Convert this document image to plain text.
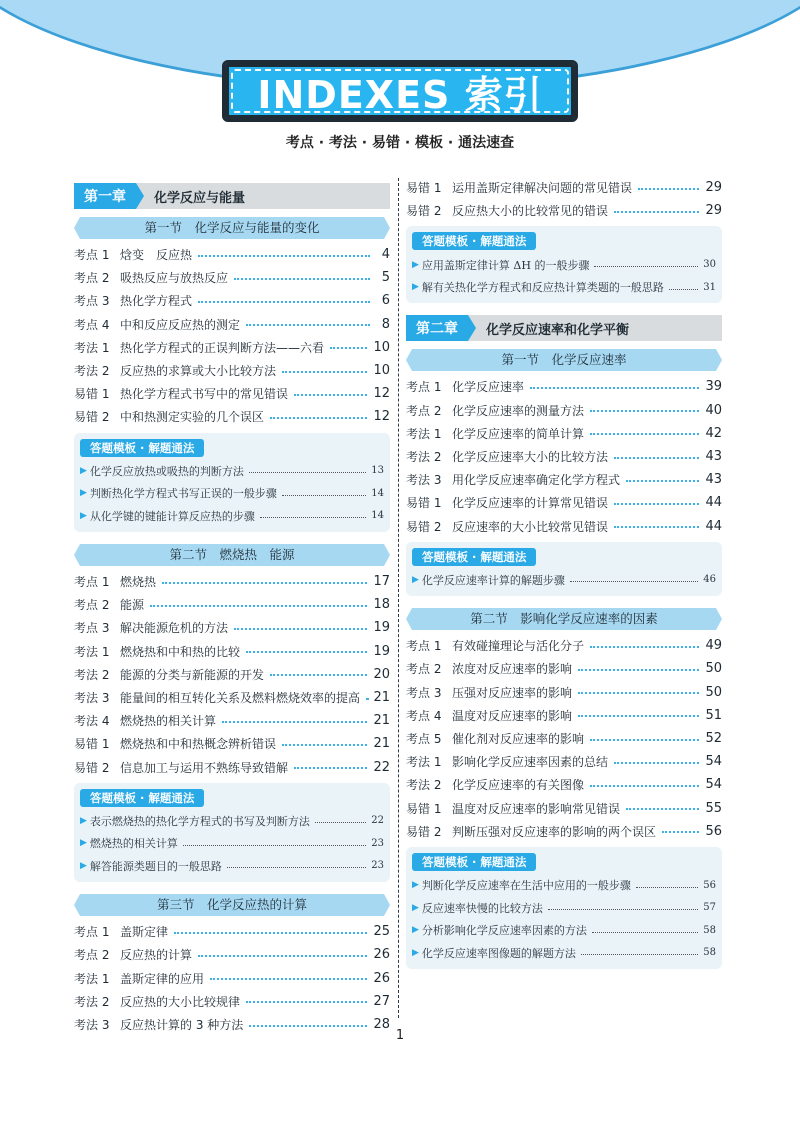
INDEXES 索引
考点 · 考法 · 易错 · 模板 · 通法速查
第一章	化学反应与能量
第一节　化学反应与能量的变化
考点 1 焓变　反应热	4
考点 2 吸热反应与放热反应	5
考点 3 热化学方程式	6
考点 4 中和反应反应热的测定	8
考法 1 热化学方程式的正误判断方法——六看	10
考法 2 反应热的求算或大小比较方法	10
易错 1 热化学方程式书写中的常见错误	12
易错 2 中和热测定实验的几个误区	12
答题模板 · 解题通法
▶ 化学反应放热或吸热的判断方法	13
▶ 判断热化学方程式书写正误的一般步骤	14
▶ 从化学键的键能计算反应热的步骤	14
第二节　燃烧热　能源
考点 1 燃烧热	17
考点 2 能源	18
考点 3 解决能源危机的方法	19
考法 1 燃烧热和中和热的比较	19
考法 2 能源的分类与新能源的开发	20
考法 3 能量间的相互转化关系及燃料燃烧效率的提高 21
考法 4 燃烧热的相关计算	21
易错 1 燃烧热和中和热概念辨析错误	21
易错 2 信息加工与运用不熟练导致错解	22
答题模板 · 解题通法
▶ 表示燃烧热的热化学方程式的书写及判断方法	22
▶ 燃烧热的相关计算	23
▶ 解答能源类题目的一般思路	23
第三节　化学反应热的计算
考点 1 盖斯定律	25
考点 2 反应热的计算	26
考法 1 盖斯定律的应用	26
考法 2 反应热的大小比较规律	27
考法 3 反应热计算的 3 种方法	28
易错 1 运用盖斯定律解决问题的常见错误	29
易错 2 反应热大小的比较常见的错误	29
答题模板 · 解题通法
▶ 应用盖斯定律计算 ΔH 的一般步骤	30
▶ 解有关热化学方程式和反应热计算类题的一般思路	31
第二章	化学反应速率和化学平衡
第一节　化学反应速率
考点 1 化学反应速率	39
考点 2 化学反应速率的测量方法	40
考法 1 化学反应速率的简单计算	42
考法 2 化学反应速率大小的比较方法	43
考法 3 用化学反应速率确定化学方程式	43
易错 1 化学反应速率的计算常见错误	44
易错 2 反应速率的大小比较常见错误	44
答题模板 · 解题通法
▶ 化学反应速率计算的解题步骤	46
第二节　影响化学反应速率的因素
考点 1 有效碰撞理论与活化分子	49
考点 2 浓度对反应速率的影响	50
考点 3 压强对反应速率的影响	50
考点 4 温度对反应速率的影响	51
考点 5 催化剂对反应速率的影响	52
考法 1 影响化学反应速率因素的总结	54
考法 2 化学反应速率的有关图像	54
易错 1 温度对反应速率的影响常见错误	55
易错 2 判断压强对反应速率的影响的两个误区	56
答题模板 · 解题通法
▶ 判断化学反应速率在生活中应用的一般步骤	56
▶ 反应速率快慢的比较方法	57
▶ 分析影响化学反应速率因素的方法	58
▶ 化学反应速率图像题的解题方法	58
1
